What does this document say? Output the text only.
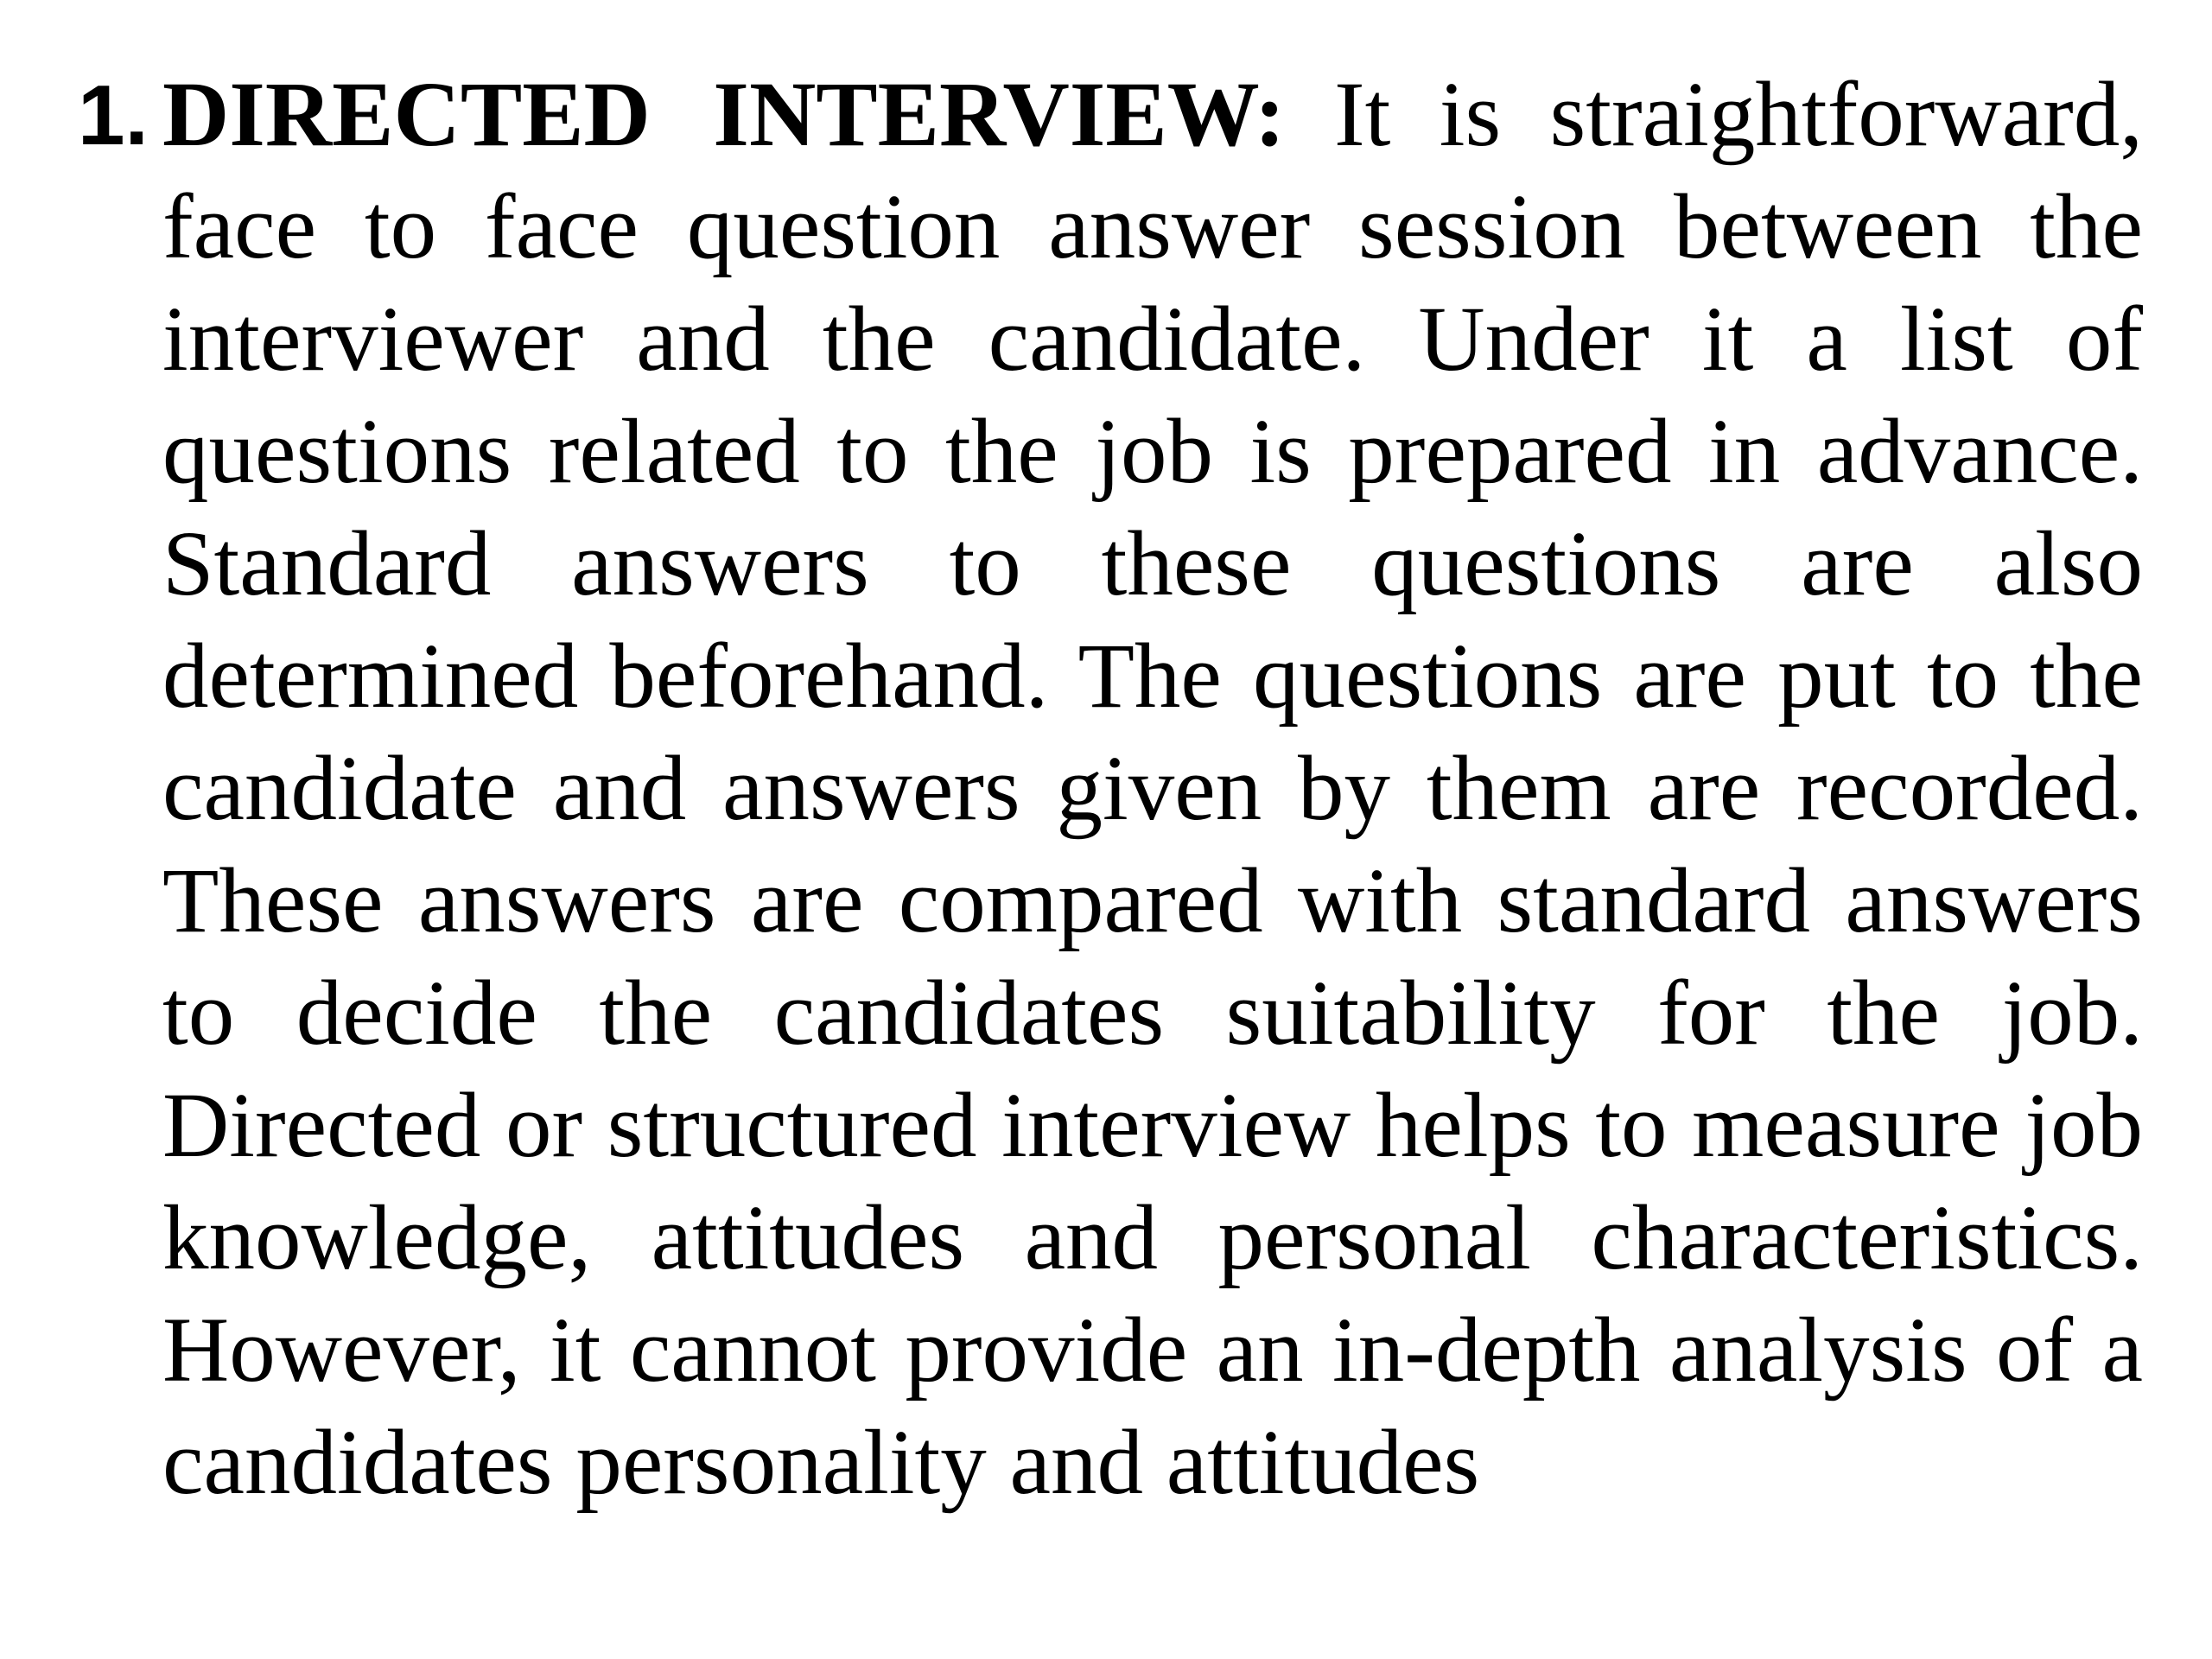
1. DIRECTED INTERVIEW: It is straightforward, face to face question answer session between the interviewer and the candidate. Under it a list of questions related to the job is prepared in advance. Standard answers to these questions are also determined beforehand. The questions are put to the candidate and answers given by them are recorded. These answers are compared with standard answers to decide the candidates suitability for the job. Directed or structured interview helps to measure job knowledge, attitudes and personal characteristics. However, it cannot provide an in-depth analysis of a candidates personality and attitudes
